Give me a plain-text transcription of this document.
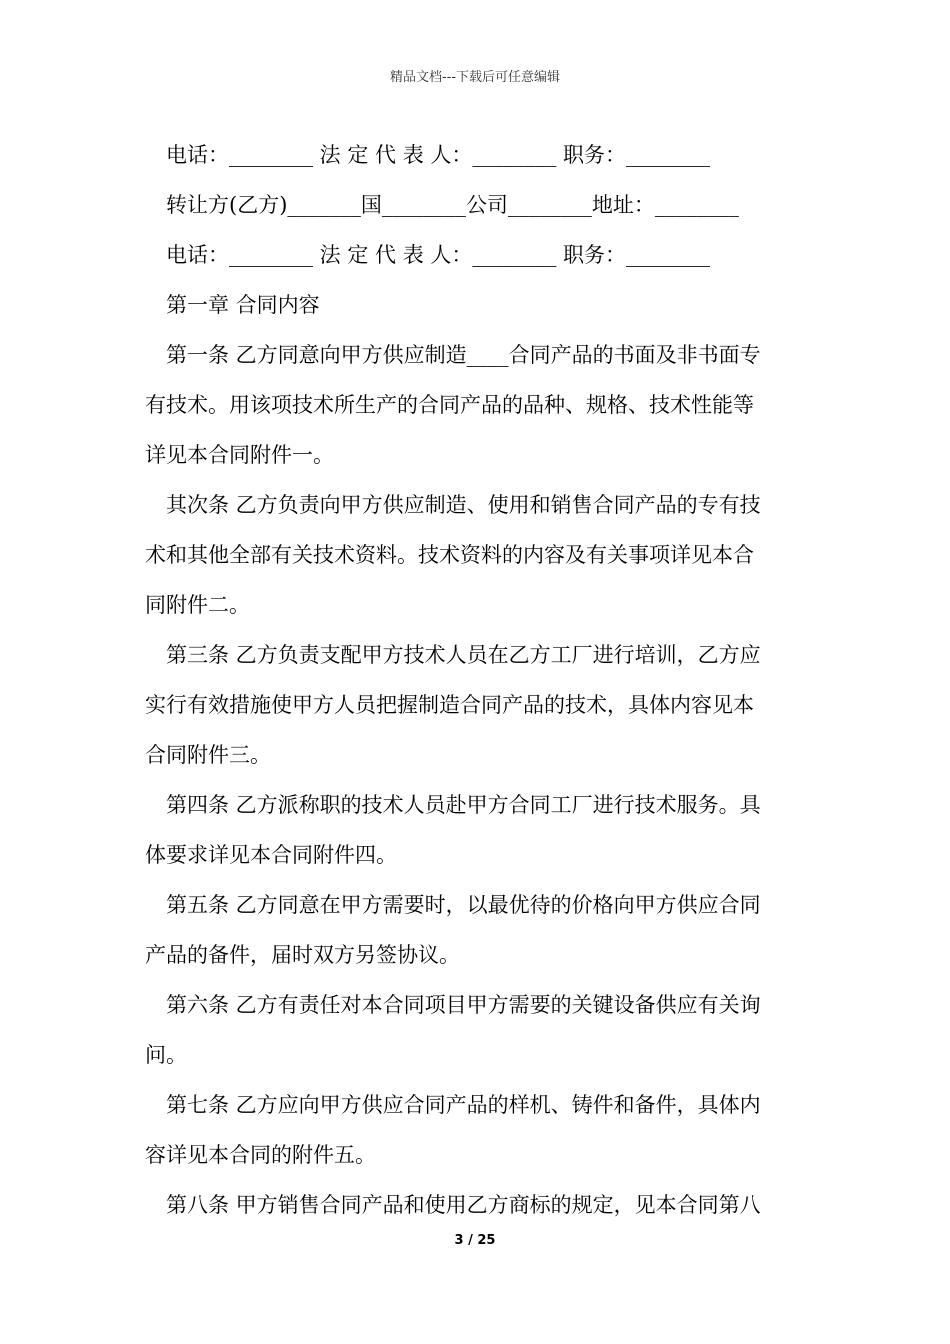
精品文档---下载后可任意编辑
电话：________ 法 定 代 表 人：________ 职务：________
转让方(乙方)_______国________公司________地址：________
电话：________ 法 定 代 表 人：________ 职务：________
第一章 合同内容
第一条 乙方同意向甲方供应制造____合同产品的书面及非书面专
有技术。用该项技术所生产的合同产品的品种、规格、技术性能等
详见本合同附件一。
其次条 乙方负责向甲方供应制造、使用和销售合同产品的专有技
术和其他全部有关技术资料。技术资料的内容及有关事项详见本合
同附件二。
第三条 乙方负责支配甲方技术人员在乙方工厂进行培训，乙方应
实行有效措施使甲方人员把握制造合同产品的技术，具体内容见本
合同附件三。
第四条 乙方派称职的技术人员赴甲方合同工厂进行技术服务。具
体要求详见本合同附件四。
第五条 乙方同意在甲方需要时，以最优待的价格向甲方供应合同
产品的备件，届时双方另签协议。
第六条 乙方有责任对本合同项目甲方需要的关键设备供应有关询
问。
第七条 乙方应向甲方供应合同产品的样机、铸件和备件，具体内
容详见本合同的附件五。
第八条 甲方销售合同产品和使用乙方商标的规定，见本合同第八
3 / 25
